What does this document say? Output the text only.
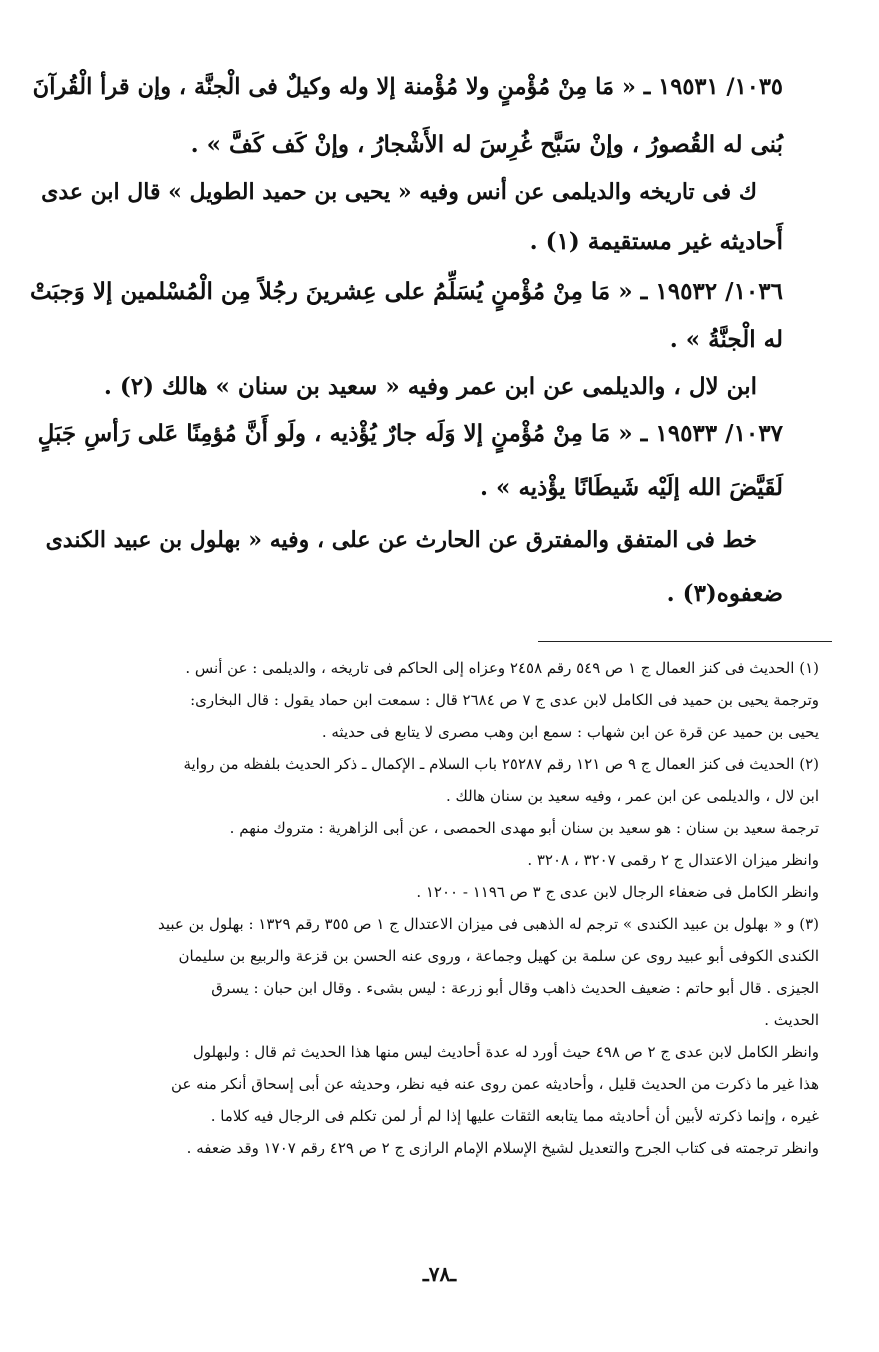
١٠٣٥/ ١٩٥٣١ ـ « مَا مِنْ مُؤْمنٍ ولا مُؤْمنة إلا وله وكيلٌ فى الْجنَّة ، وإن قرأ الْقُرآنَ
بُنى له القُصورُ ، وإنْ سَبَّح غُرِسَ له الأَشْجارُ ، وإنْ كَف كَفَّ » .
ك فى تاريخه والديلمى عن أنس وفيه « يحيى بن حميد الطويل » قال ابن عدى
أَحاديثه غير مستقيمة (١) .
١٠٣٦/ ١٩٥٣٢ ـ « مَا مِنْ مُؤْمنٍ يُسَلِّمُ على عِشرينَ رجُلاً مِن الْمُسْلمين إلا وَجبَتْ
له الْجنَّةُ » .
ابن لال ، والديلمى عن ابن عمر وفيه « سعيد بن سنان » هالك (٢) .
١٠٣٧/ ١٩٥٣٣ ـ « مَا مِنْ مُؤْمنٍ إلا وَلَه جارٌ يُؤْذيه ، ولَو أَنَّ مُؤمِنًا عَلى رَأسِ جَبَلٍ
لَقَيَّضَ الله إلَيْه شَيطَانًا يؤْذيه » .
خط فى المتفق والمفترق عن الحارث عن على ، وفيه « بهلول بن عبيد الكندى
ضعفوه(٣) .
(١) الحديث فى كنز العمال ج ١ ص ٥٤٩ رقم ٢٤٥٨ وعزاه إلى الحاكم فى تاريخه ، والديلمى : عن أنس .
وترجمة يحيى بن حميد فى الكامل لابن عدى ج ٧ ص ٢٦٨٤ قال : سمعت ابن حماد يقول : قال البخارى:
يحيى بن حميد عن قرة عن ابن شهاب : سمع ابن وهب مصرى لا يتابع فى حديثه .
(٢) الحديث فى كنز العمال ج ٩ ص ١٢١ رقم ٢٥٢٨٧ باب السلام ـ الإكمال ـ ذكر الحديث بلفظه من رواية
ابن لال ، والديلمى عن ابن عمر ، وفيه سعيد بن سنان هالك .
ترجمة سعيد بن سنان : هو سعيد بن سنان أبو مهدى الحمصى ، عن أبى الزاهرية : متروك منهم .
وانظر ميزان الاعتدال ج ٢ رقمى ٣٢٠٧ ، ٣٢٠٨ .
وانظر الكامل فى ضعفاء الرجال لابن عدى ج ٣ ص ١١٩٦ - ١٢٠٠ .
(٣) و « بهلول بن عبيد الكندى » ترجم له الذهبى فى ميزان الاعتدال ج ١ ص ٣٥٥ رقم ١٣٢٩ : بهلول بن عبيد
الكندى الكوفى أبو عبيد روى عن سلمة بن كهيل وجماعة ، وروى عنه الحسن بن قزعة والربيع بن سليمان
الجيزى . قال أبو حاتم : ضعيف الحديث ذاهب وقال أبو زرعة : ليس بشىء . وقال ابن حبان : يسرق
الحديث .
وانظر الكامل لابن عدى ج ٢ ص ٤٩٨ حيث أورد له عدة أحاديث ليس منها هذا الحديث ثم قال : ولبهلول
هذا غير ما ذكرت من الحديث قليل ، وأحاديثه عمن روى عنه فيه نظر، وحديثه عن أبى إسحاق أنكر منه عن
غيره ، وإنما ذكرته لأبين أن أحاديثه مما يتابعه الثقات عليها إذا لم أر لمن تكلم فى الرجال فيه كلاما .
وانظر ترجمته فى كتاب الجرح والتعديل لشيخ الإسلام الإمام الرازى ج ٢ ص ٤٢٩ رقم ١٧٠٧ وقد ضعفه .
ـ٧٨ـ
